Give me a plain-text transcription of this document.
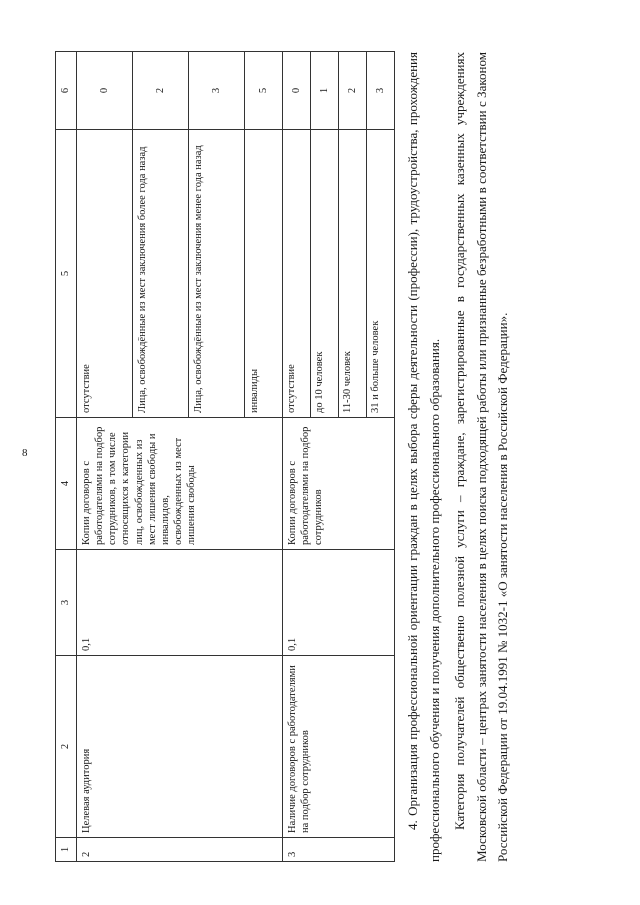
8
1	2	3	4	5	6
2	Целевая аудитория	0,1	Копии договоров с работодателями на подбор сотрудников, в том числе относящихся к категории лиц, освобожденных из мест лишения свободы и инвалидов, освобожденных из мест лишения свободы	отсутствие	0
				Лица, освобождённые из мест заключения более года назад	2
				Лица, освобождённые из мест заключения менее года назад	3
				инвалиды	5
3	Наличие договоров с работодателями на подбор сотрудников	0,1	Копии договоров с работодателями на подбор сотрудников	отсутствие	0
				до 10 человек	1
				11-30 человек	2
				31 и больше человек	3 4. Организация профессиональной ориентации граждан в целях выбора сферы деятельности (профессии), трудоустройства, прохождения профессионального обучения и получения дополнительного профессионального образования. Категория получателей общественно полезной услуги – граждане, зарегистрированные в государственных казенных учреждениях Московской области – центрах занятости населения в целях поиска подходящей работы или признанные безработными в соответствии с Законом Российской Федерации от 19.04.1991 № 1032-1 «О занятости населения в Российской Федерации».
